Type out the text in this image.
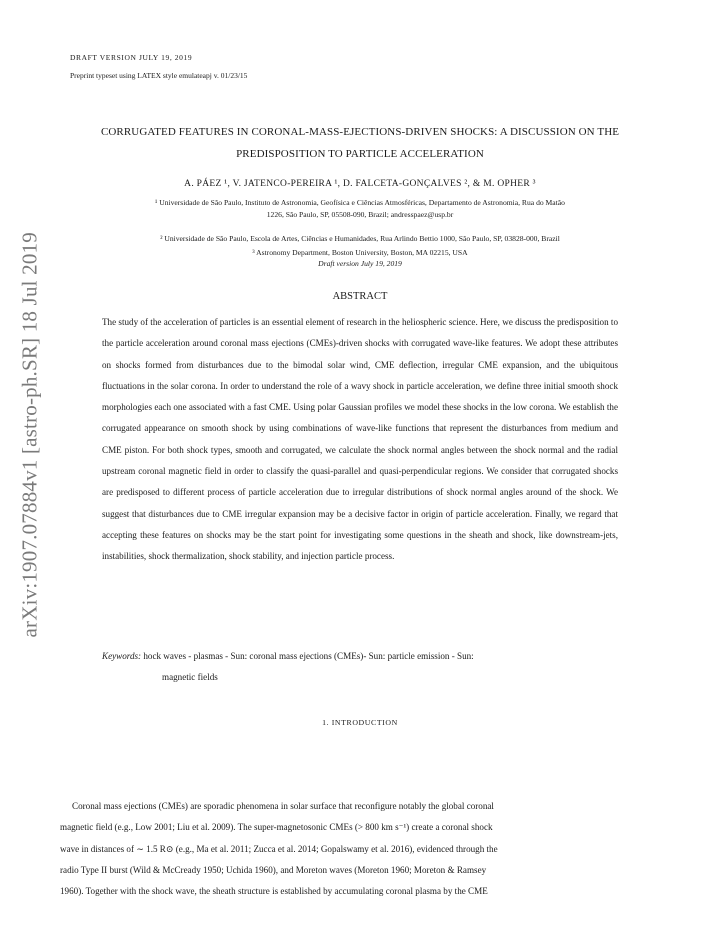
DRAFT VERSION JULY 19, 2019
Preprint typeset using LATEX style emulateapj v. 01/23/15
arXiv:1907.07884v1 [astro-ph.SR] 18 Jul 2019
CORRUGATED FEATURES IN CORONAL-MASS-EJECTIONS-DRIVEN SHOCKS: A DISCUSSION ON THE
PREDISPOSITION TO PARTICLE ACCELERATION
A. PÁEZ ¹, V. JATENCO-PEREIRA ¹, D. FALCETA-GONÇALVES ², & M. OPHER ³
¹ Universidade de São Paulo, Instituto de Astronomia, Geofísica e Ciências Atmosféricas, Departamento de Astronomia, Rua do Matão
1226, São Paulo, SP, 05508-090, Brazil; andresspaez@usp.br
² Universidade de São Paulo, Escola de Artes, Ciências e Humanidades, Rua Arlindo Bettio 1000, São Paulo, SP, 03828-000, Brazil
³ Astronomy Department, Boston University, Boston, MA 02215, USA
Draft version July 19, 2019
ABSTRACT
The study of the acceleration of particles is an essential element of research in the heliospheric science. Here, we discuss the predisposition to the particle acceleration around coronal mass ejections (CMEs)-driven shocks with corrugated wave-like features. We adopt these attributes on shocks formed from disturbances due to the bimodal solar wind, CME deflection, irregular CME expansion, and the ubiquitous fluctuations in the solar corona. In order to understand the role of a wavy shock in particle acceleration, we define three initial smooth shock morphologies each one associated with a fast CME. Using polar Gaussian profiles we model these shocks in the low corona. We establish the corrugated appearance on smooth shock by using combinations of wave-like functions that represent the disturbances from medium and CME piston. For both shock types, smooth and corrugated, we calculate the shock normal angles between the shock normal and the radial upstream coronal magnetic field in order to classify the quasi-parallel and quasi-perpendicular regions. We consider that corrugated shocks are predisposed to different process of particle acceleration due to irregular distributions of shock normal angles around of the shock. We suggest that disturbances due to CME irregular expansion may be a decisive factor in origin of particle acceleration. Finally, we regard that accepting these features on shocks may be the start point for investigating some questions in the sheath and shock, like downstream-jets, instabilities, shock thermalization, shock stability, and injection particle process.
Keywords: hock waves - plasmas - Sun: coronal mass ejections (CMEs)- Sun: particle emission - Sun:
magnetic fields
1. INTRODUCTION
Coronal mass ejections (CMEs) are sporadic phenomena in solar surface that reconfigure notably the global coronal
magnetic field (e.g., Low 2001; Liu et al. 2009). The super-magnetosonic CMEs (> 800 km s⁻¹) create a coronal shock
wave in distances of ∼ 1.5 R⊙ (e.g., Ma et al. 2011; Zucca et al. 2014; Gopalswamy et al. 2016), evidenced through the
radio Type II burst (Wild & McCready 1950; Uchida 1960), and Moreton waves (Moreton 1960; Moreton & Ramsey
1960). Together with the shock wave, the sheath structure is established by accumulating coronal plasma by the CME
